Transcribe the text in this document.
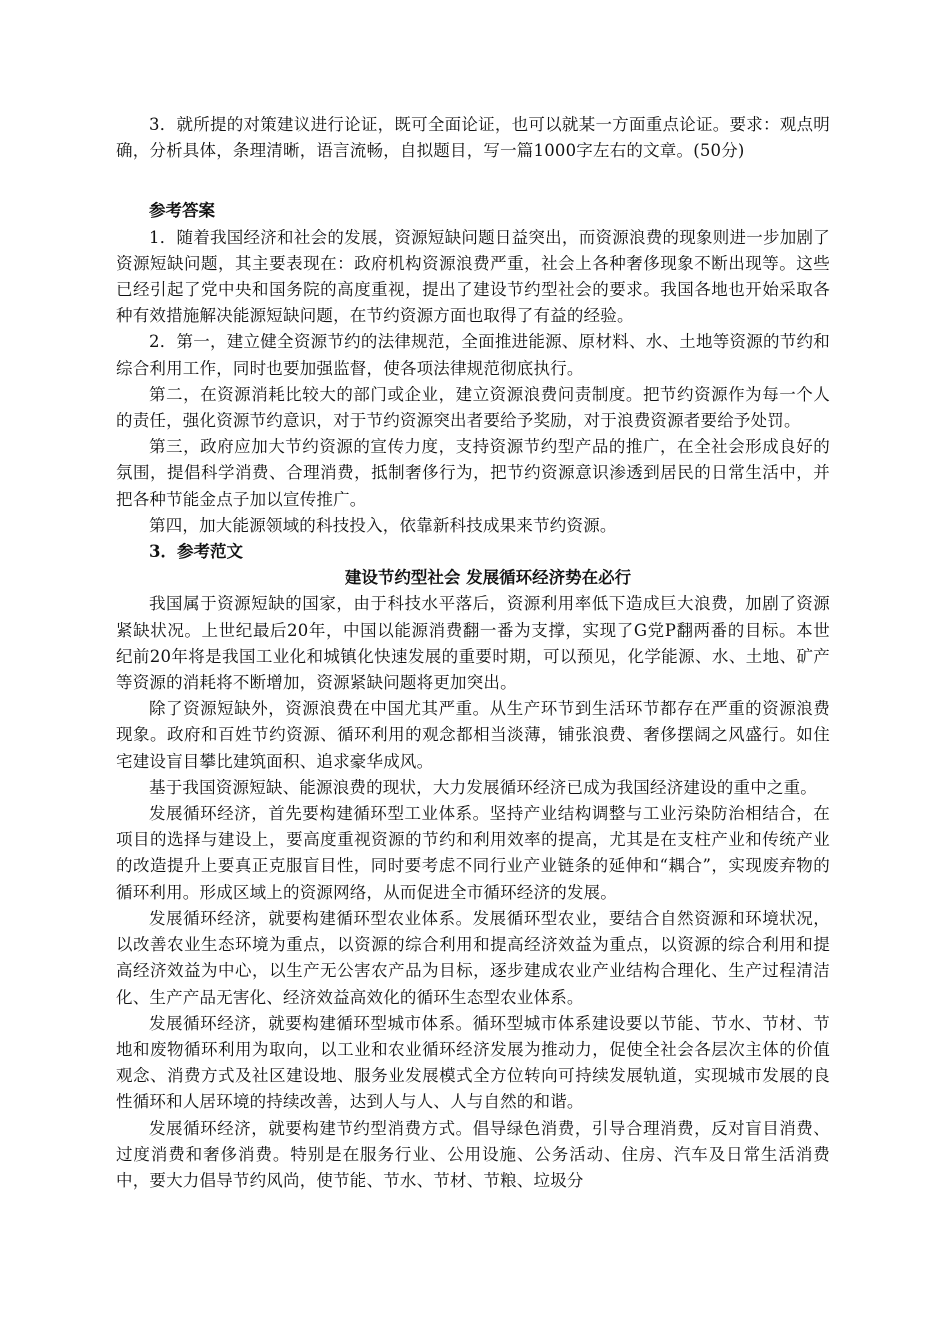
3．就所提的对策建议进行论证，既可全面论证，也可以就某一方面重点论证。要求：观点明确，分析具体，条理清晰，语言流畅，自拟题目，写一篇1000字左右的文章。(50分)

参考答案

1．随着我国经济和社会的发展，资源短缺问题日益突出，而资源浪费的现象则进一步加剧了资源短缺问题，其主要表现在：政府机构资源浪费严重，社会上各种奢侈现象不断出现等。这些已经引起了党中央和国务院的高度重视，提出了建设节约型社会的要求。我国各地也开始采取各种有效措施解决能源短缺问题，在节约资源方面也取得了有益的经验。

2．第一，建立健全资源节约的法律规范，全面推进能源、原材料、水、土地等资源的节约和综合利用工作，同时也要加强监督，使各项法律规范彻底执行。

第二，在资源消耗比较大的部门或企业，建立资源浪费问责制度。把节约资源作为每一个人的责任，强化资源节约意识，对于节约资源突出者要给予奖励，对于浪费资源者要给予处罚。

第三，政府应加大节约资源的宣传力度，支持资源节约型产品的推广，在全社会形成良好的氛围，提倡科学消费、合理消费，抵制奢侈行为，把节约资源意识渗透到居民的日常生活中，并把各种节能金点子加以宣传推广。

第四，加大能源领域的科技投入，依靠新科技成果来节约资源。

3．参考范文
建设节约型社会 发展循环经济势在必行

我国属于资源短缺的国家，由于科技水平落后，资源利用率低下造成巨大浪费，加剧了资源紧缺状况。上世纪最后20年，中国以能源消费翻一番为支撑，实现了G党P翻两番的目标。本世纪前20年将是我国工业化和城镇化快速发展的重要时期，可以预见，化学能源、水、土地、矿产等资源的消耗将不断增加，资源紧缺问题将更加突出。

除了资源短缺外，资源浪费在中国尤其严重。从生产环节到生活环节都存在严重的资源浪费现象。政府和百姓节约资源、循环利用的观念都相当淡薄，铺张浪费、奢侈摆阔之风盛行。如住宅建设盲目攀比建筑面积、追求豪华成风。

基于我国资源短缺、能源浪费的现状，大力发展循环经济已成为我国经济建设的重中之重。

发展循环经济，首先要构建循环型工业体系。坚持产业结构调整与工业污染防治相结合，在项目的选择与建设上，要高度重视资源的节约和利用效率的提高，尤其是在支柱产业和传统产业的改造提升上要真正克服盲目性，同时要考虑不同行业产业链条的延伸和“耦合”，实现废弃物的循环利用。形成区域上的资源网络，从而促进全市循环经济的发展。

发展循环经济，就要构建循环型农业体系。发展循环型农业，要结合自然资源和环境状况，以改善农业生态环境为重点，以资源的综合利用和提高经济效益为重点，以资源的综合利用和提高经济效益为中心，以生产无公害农产品为目标，逐步建成农业产业结构合理化、生产过程清洁化、生产产品无害化、经济效益高效化的循环生态型农业体系。

发展循环经济，就要构建循环型城市体系。循环型城市体系建设要以节能、节水、节材、节地和废物循环利用为取向，以工业和农业循环经济发展为推动力，促使全社会各层次主体的价值观念、消费方式及社区建设地、服务业发展模式全方位转向可持续发展轨道，实现城市发展的良性循环和人居环境的持续改善，达到人与人、人与自然的和谐。

发展循环经济，就要构建节约型消费方式。倡导绿色消费，引导合理消费，反对盲目消费、过度消费和奢侈消费。特别是在服务行业、公用设施、公务活动、住房、汽车及日常生活消费中，要大力倡导节约风尚，使节能、节水、节材、节粮、垃圾分
